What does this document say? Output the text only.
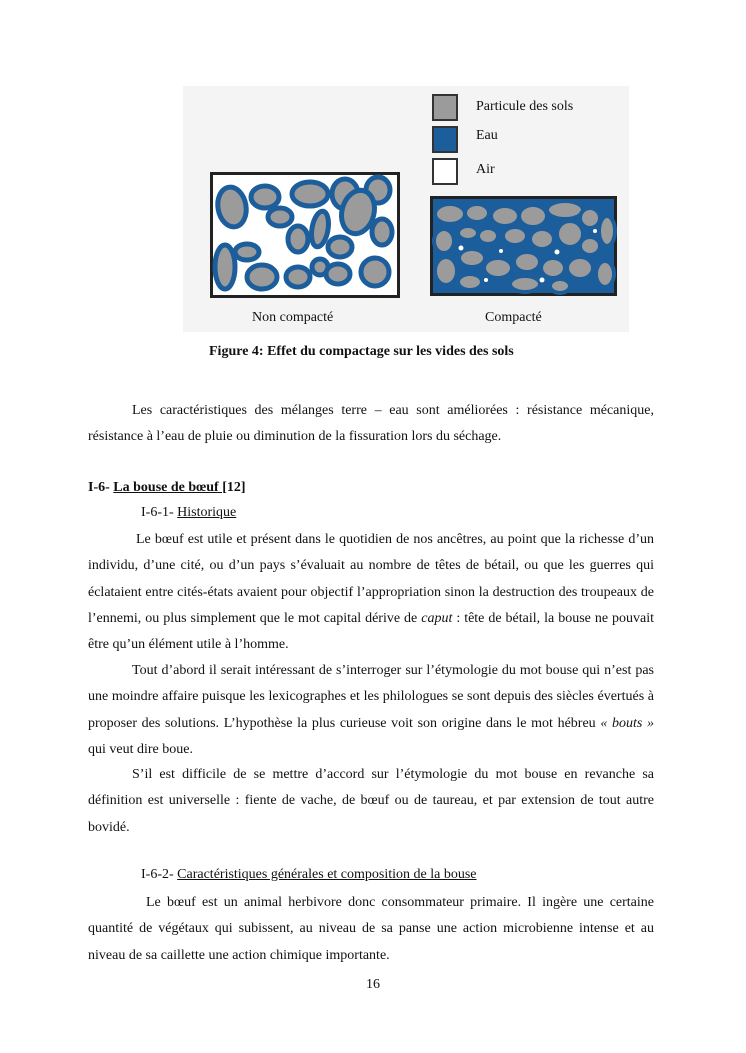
Particule des sols
Eau
Air
Non compacté	Compacté
Figure 4: Effet du compactage sur les vides des sols

Les caractéristiques des mélanges terre – eau sont améliorées : résistance mécanique, résistance à l’eau de pluie ou diminution de la fissuration lors du séchage.

I-6- La bouse de bœuf [12]
I-6-1- Historique

Le bœuf est utile et présent dans le quotidien de nos ancêtres, au point que la richesse d’un individu, d’une cité, ou d’un pays s’évaluait au nombre de têtes de bétail, ou que les guerres qui éclataient entre cités-états avaient pour objectif l’appropriation sinon la destruction des troupeaux de l’ennemi, ou plus simplement que le mot capital dérive de caput : tête de bétail, la bouse ne pouvait être qu’un élément utile à l’homme.

Tout d’abord il serait intéressant de s’interroger sur l’étymologie du mot bouse qui n’est pas une moindre affaire puisque les lexicographes et les philologues se sont depuis des siècles évertués à proposer des solutions. L’hypothèse la plus curieuse voit son origine dans le mot hébreu « bouts » qui veut dire boue.

S’il est difficile de se mettre d’accord sur l’étymologie du mot bouse en revanche sa définition est universelle : fiente de vache, de bœuf ou de taureau, et par extension de tout autre bovidé.

I-6-2- Caractéristiques générales et composition de la bouse

Le bœuf est un animal herbivore donc consommateur primaire. Il ingère une certaine quantité de végétaux qui subissent, au niveau de sa panse une action microbienne intense et au niveau de sa caillette une action chimique importante.

16
